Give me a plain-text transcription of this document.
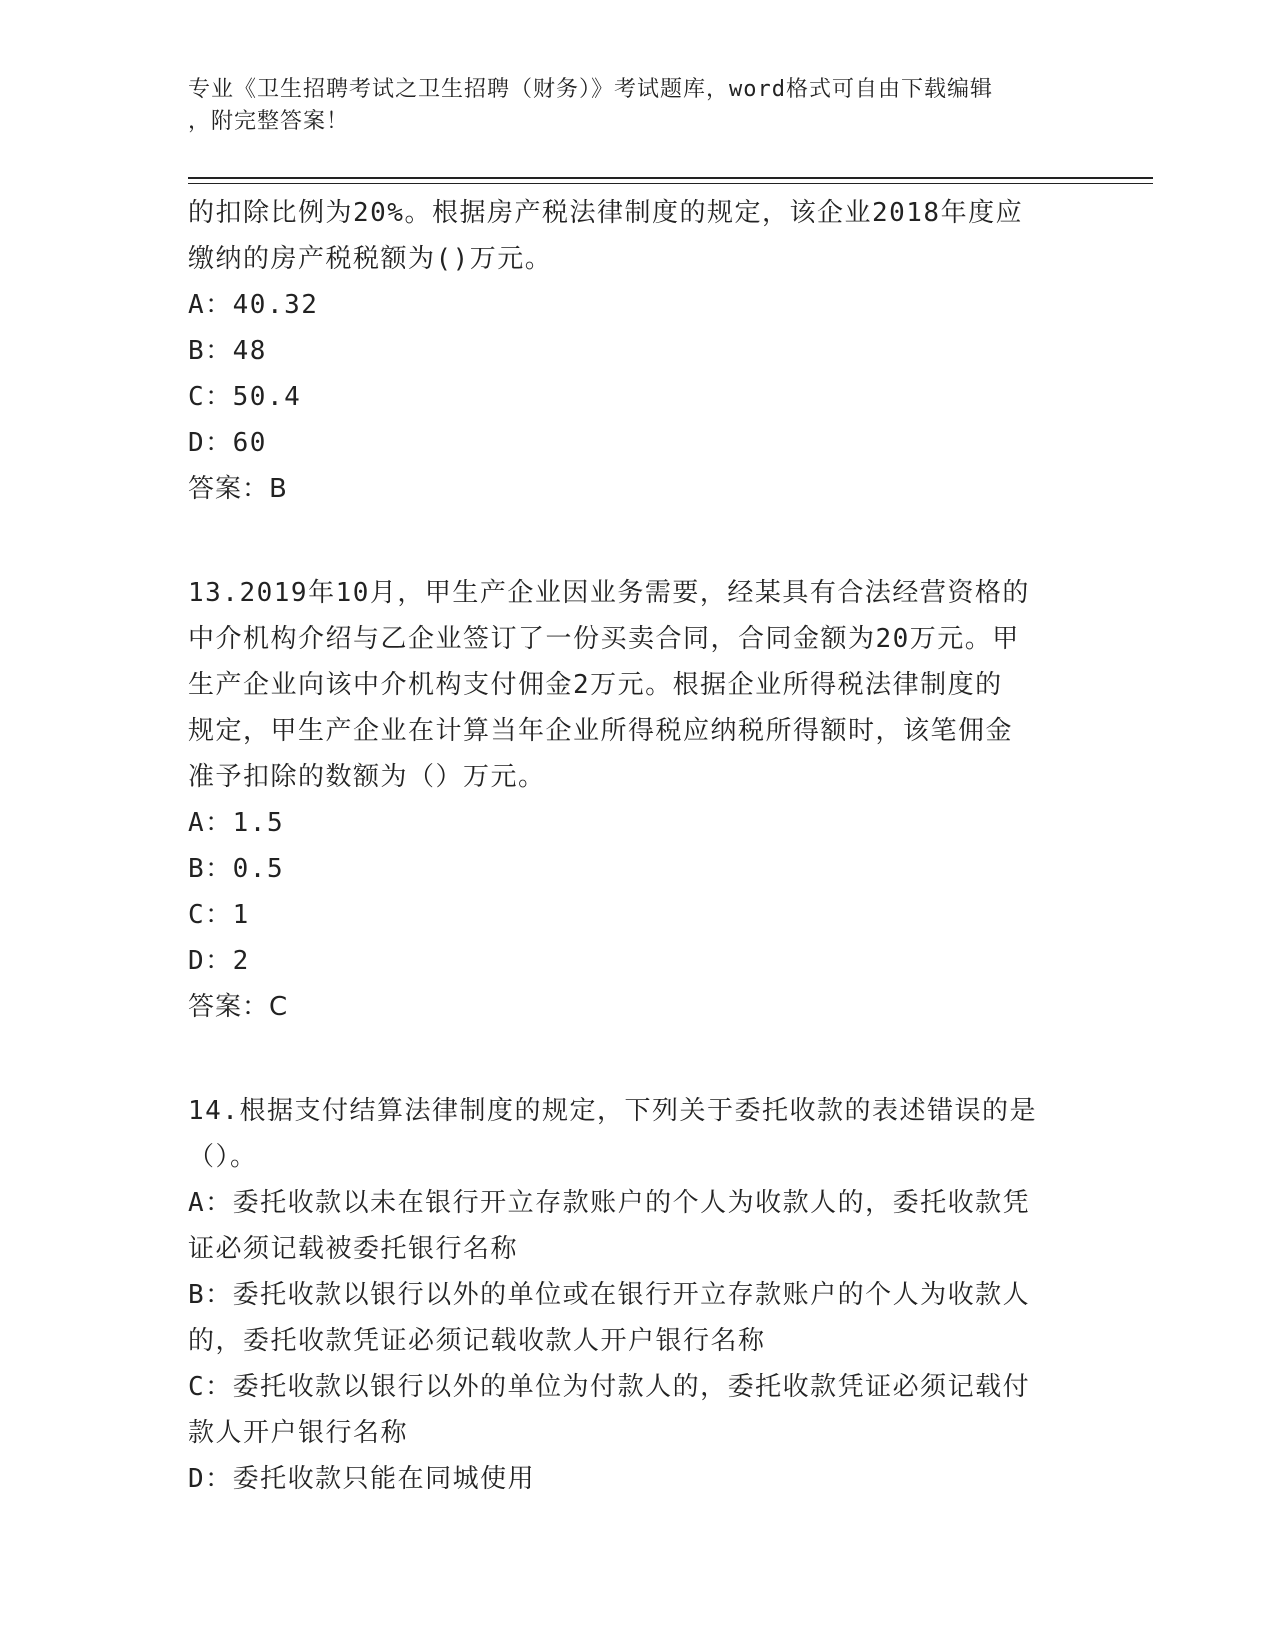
专业《卫生招聘考试之卫生招聘（财务）》考试题库，word格式可自由下载编辑
，附完整答案！

的扣除比例为20%。根据房产税法律制度的规定，该企业2018年度应

缴纳的房产税税额为()万元。

A：40.32

B：48

C：50.4

D：60

答案：B

13.2019年10月，甲生产企业因业务需要，经某具有合法经营资格的

中介机构介绍与乙企业签订了一份买卖合同，合同金额为20万元。甲

生产企业向该中介机构支付佣金2万元。根据企业所得税法律制度的

规定，甲生产企业在计算当年企业所得税应纳税所得额时，该笔佣金

准予扣除的数额为（）万元。

A：1.5

B：0.5

C：1

D：2

答案：C

14.根据支付结算法律制度的规定，下列关于委托收款的表述错误的是

（）。

A：委托收款以未在银行开立存款账户的个人为收款人的，委托收款凭

证必须记载被委托银行名称

B：委托收款以银行以外的单位或在银行开立存款账户的个人为收款人

的，委托收款凭证必须记载收款人开户银行名称

C：委托收款以银行以外的单位为付款人的，委托收款凭证必须记载付

款人开户银行名称

D：委托收款只能在同城使用
